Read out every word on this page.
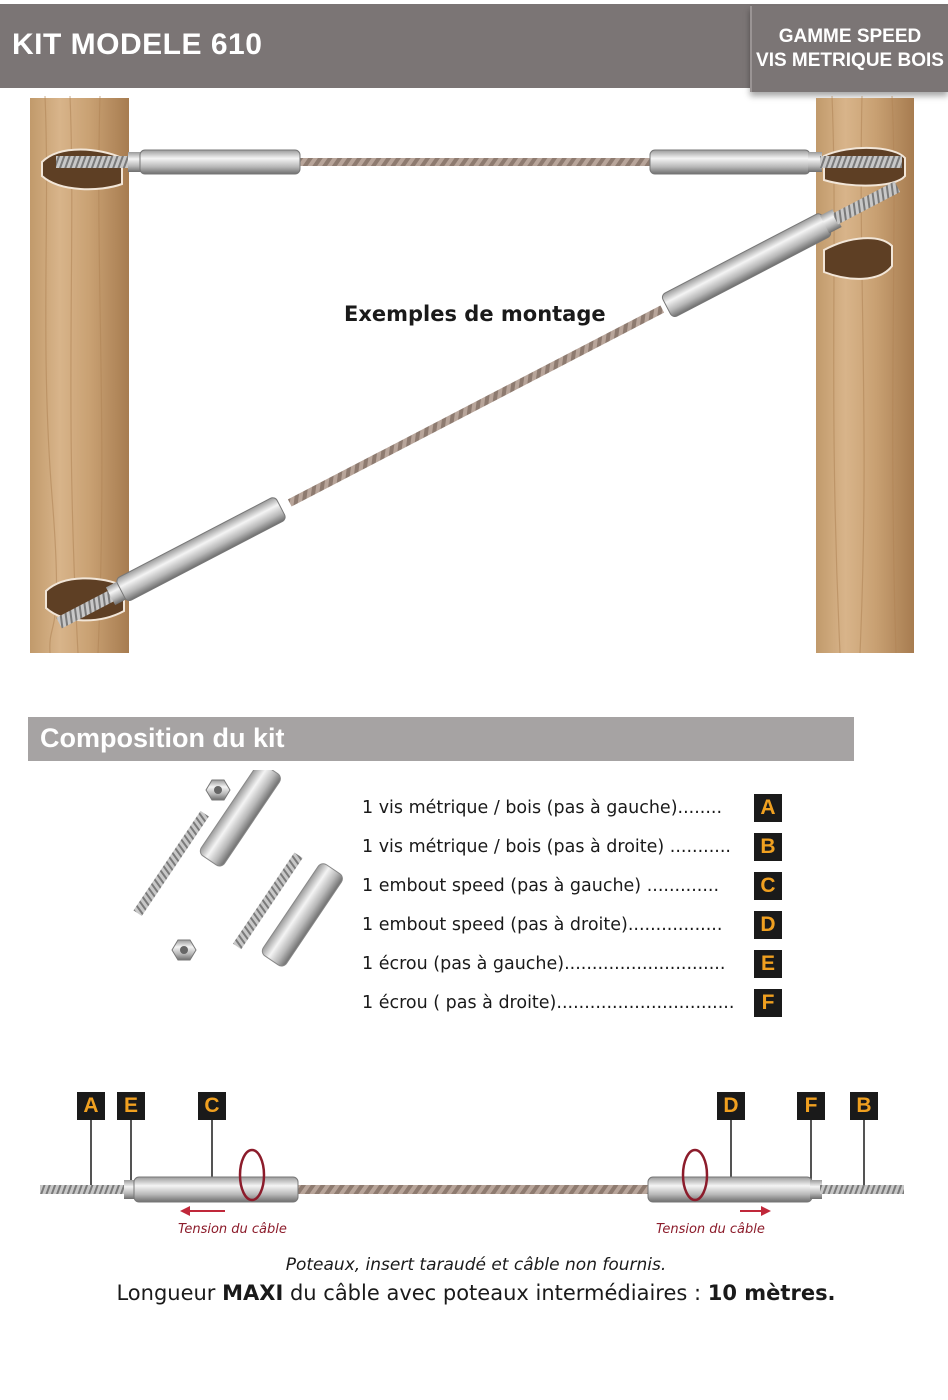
KIT MODELE 610	GAMME SPEED
VIS METRIQUE BOIS
Exemples de montage
Composition du kit
1 vis métrique / bois (pas à gauche)........	A
1 vis métrique / bois (pas à droite) ...........	B
1 embout speed (pas à gauche) .............	C
1 embout speed (pas à droite).................	D
1 écrou (pas à gauche).............................	E
1 écrou ( pas à droite)................................	F
A	E	C	D	F	B
Tension du câble	Tension du câble
Poteaux, insert taraudé et câble non fournis.
Longueur MAXI du câble avec poteaux intermédiaires : 10 mètres.
